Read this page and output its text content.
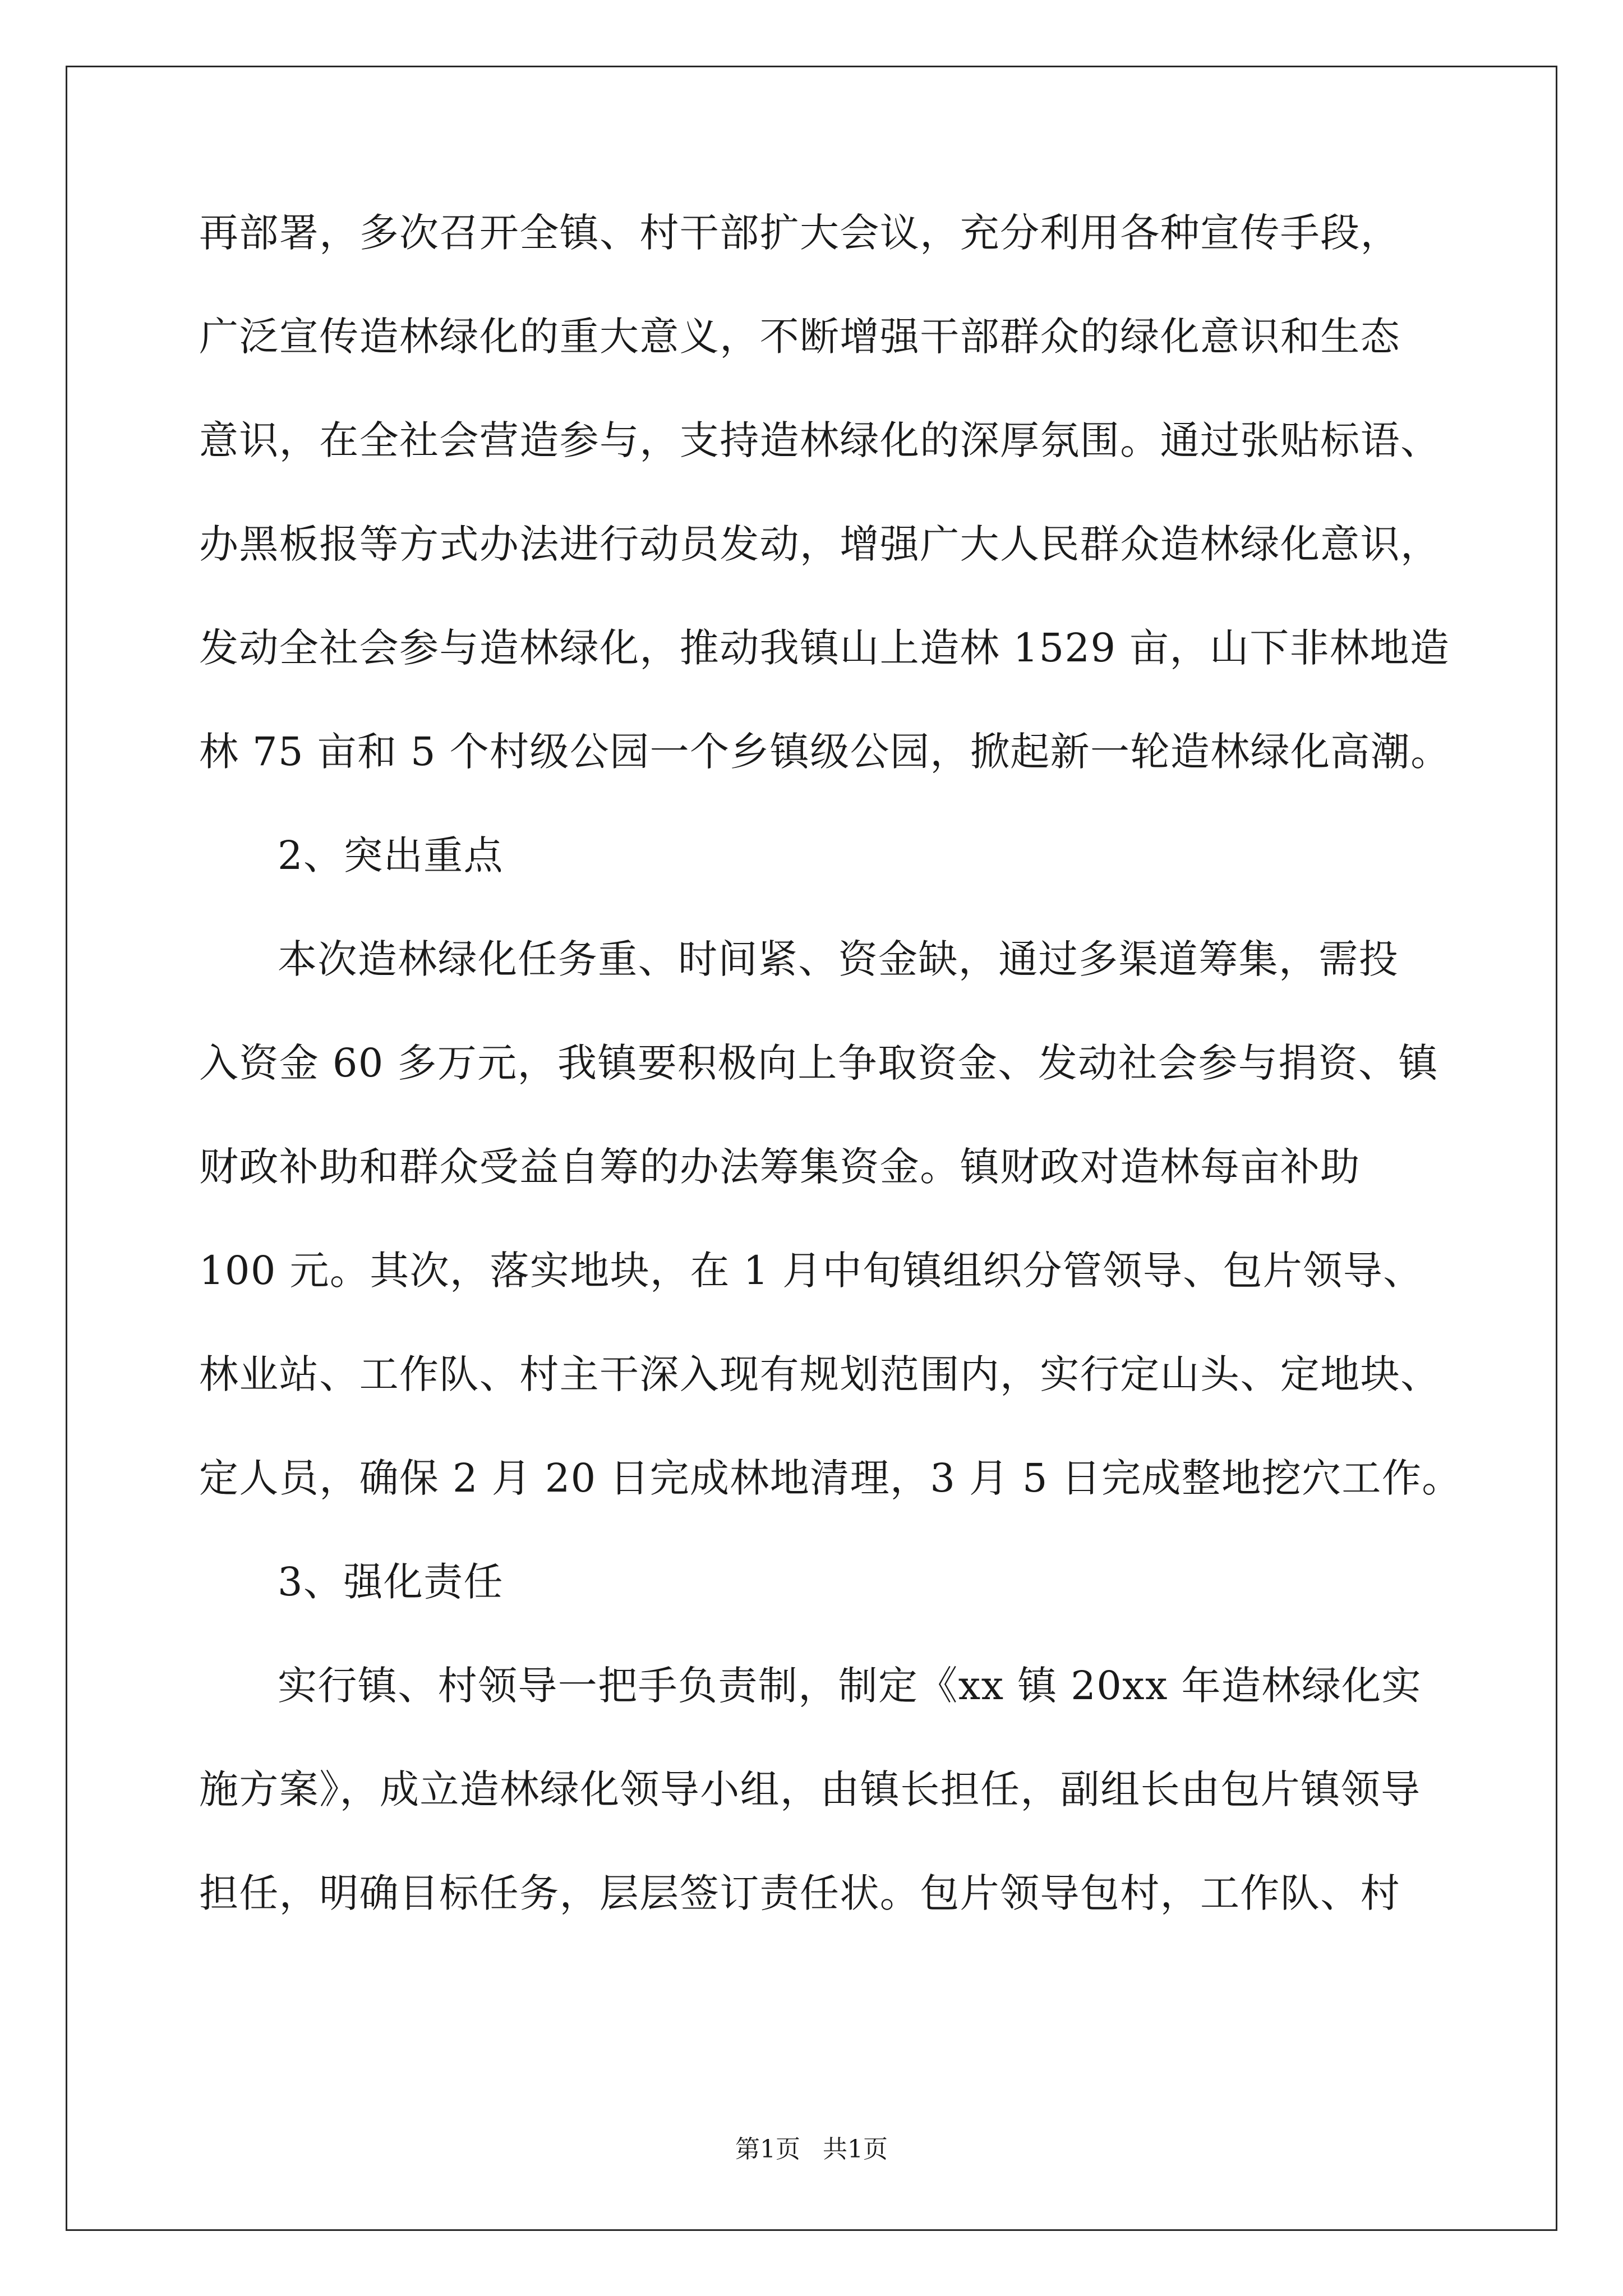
再部署，多次召开全镇、村干部扩大会议，充分利用各种宣传手段，
广泛宣传造林绿化的重大意义，不断增强干部群众的绿化意识和生态
意识，在全社会营造参与，支持造林绿化的深厚氛围。通过张贴标语、
办黑板报等方式办法进行动员发动，增强广大人民群众造林绿化意识，
发动全社会参与造林绿化，推动我镇山上造林 1529 亩，山下非林地造
林 75 亩和 5 个村级公园一个乡镇级公园，掀起新一轮造林绿化高潮。
2、突出重点
本次造林绿化任务重、时间紧、资金缺，通过多渠道筹集，需投
入资金 60 多万元，我镇要积极向上争取资金、发动社会参与捐资、镇
财政补助和群众受益自筹的办法筹集资金。镇财政对造林每亩补助
100 元。其次，落实地块，在 1 月中旬镇组织分管领导、包片领导、
林业站、工作队、村主干深入现有规划范围内，实行定山头、定地块、
定人员，确保 2 月 20 日完成林地清理，3 月 5 日完成整地挖穴工作。
3、强化责任
实行镇、村领导一把手负责制，制定《xx 镇 20xx 年造林绿化实
施方案》，成立造林绿化领导小组，由镇长担任，副组长由包片镇领导
担任，明确目标任务，层层签订责任状。包片领导包村，工作队、村
第1页 共1页
